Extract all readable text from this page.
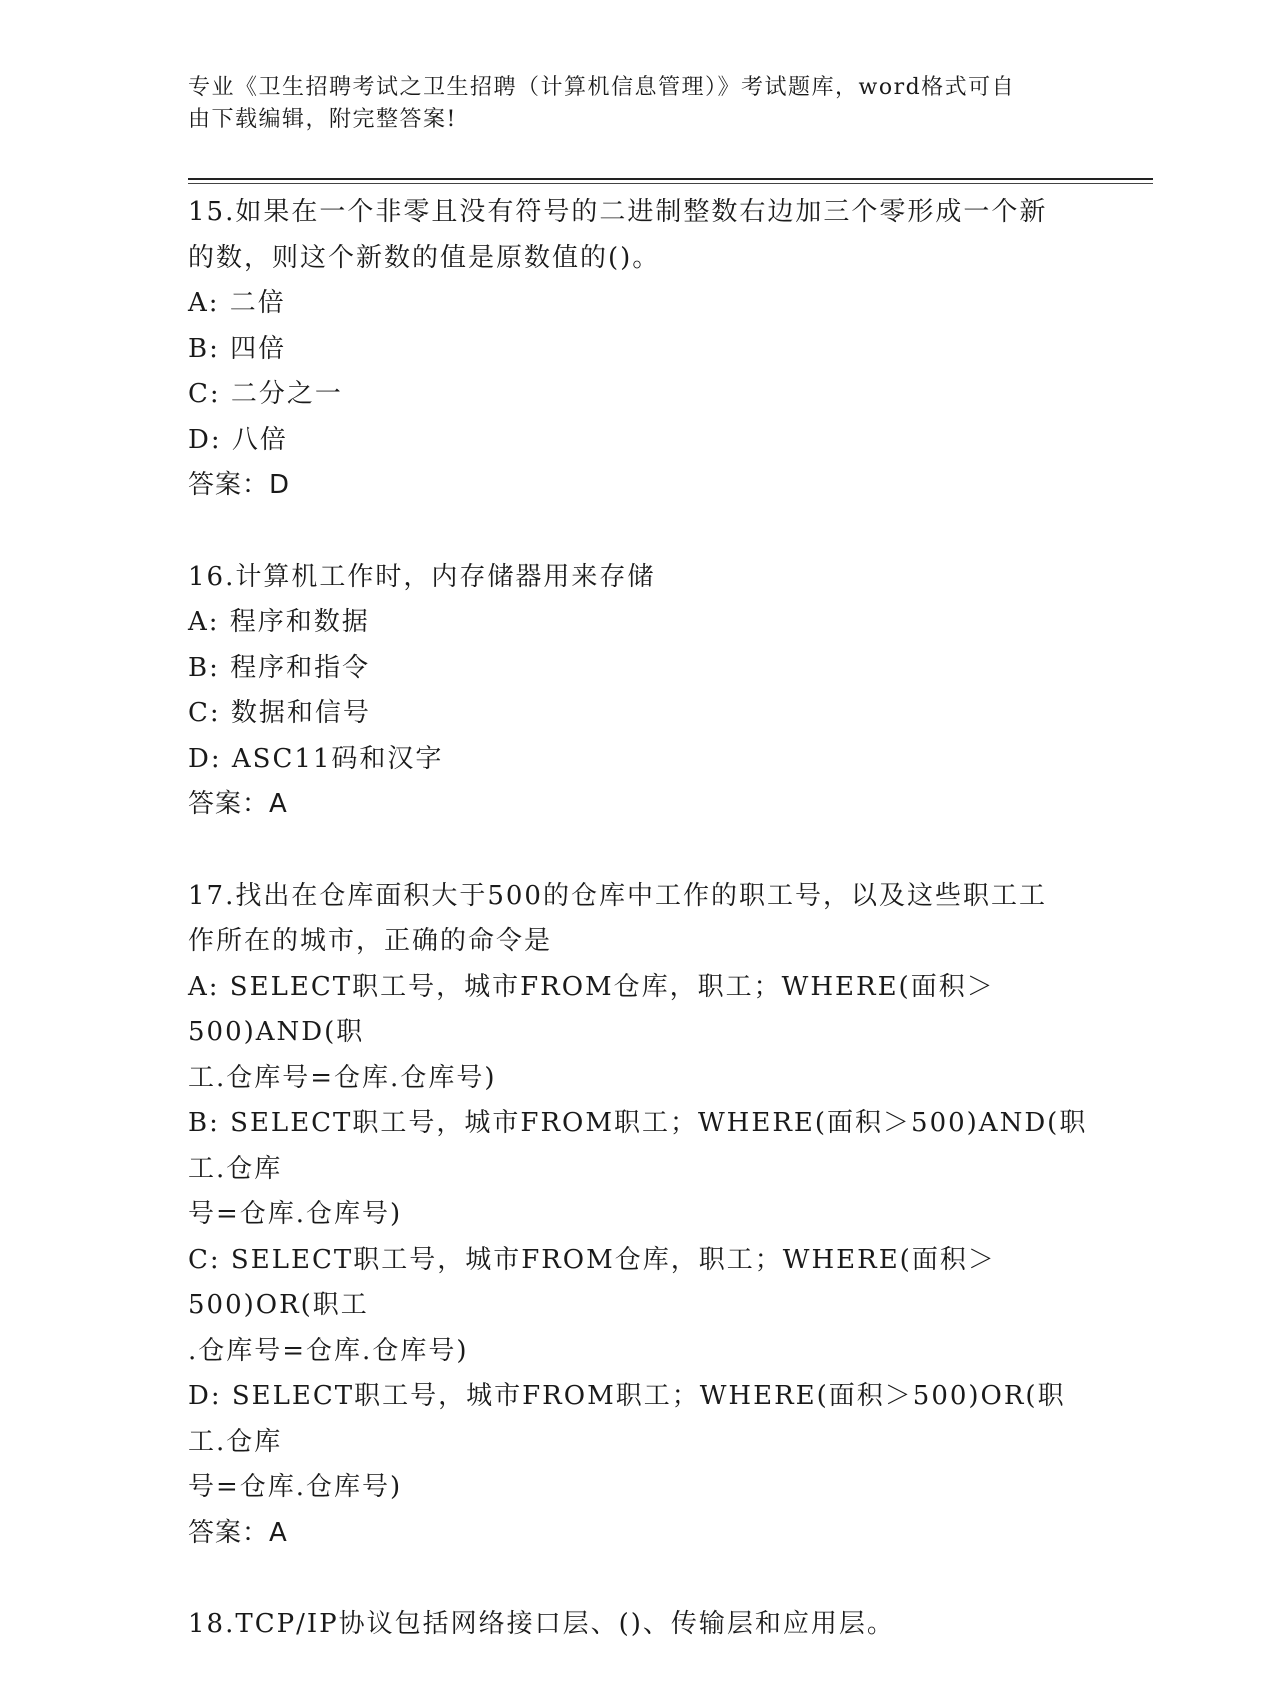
专业《卫生招聘考试之卫生招聘（计算机信息管理）》考试题库，word格式可自
由下载编辑，附完整答案!
15.如果在一个非零且没有符号的二进制整数右边加三个零形成一个新
的数，则这个新数的值是原数值的()。
A: 二倍
B: 四倍
C: 二分之一
D: 八倍
答案：D
16.计算机工作时，内存储器用来存储
A: 程序和数据
B: 程序和指令
C: 数据和信号
D: ASC11码和汉字
答案：A
17.找出在仓库面积大于500的仓库中工作的职工号，以及这些职工工
作所在的城市，正确的命令是
A: SELECT职工号，城市FROM仓库，职工；WHERE(面积＞500)AND(职
工.仓库号=仓库.仓库号)
B: SELECT职工号，城市FROM职工；WHERE(面积＞500)AND(职工.仓库
号=仓库.仓库号)
C: SELECT职工号，城市FROM仓库，职工；WHERE(面积＞500)OR(职工
.仓库号=仓库.仓库号)
D: SELECT职工号，城市FROM职工；WHERE(面积＞500)OR(职工.仓库
号=仓库.仓库号)
答案：A
18.TCP/IP协议包括网络接口层、()、传输层和应用层。
